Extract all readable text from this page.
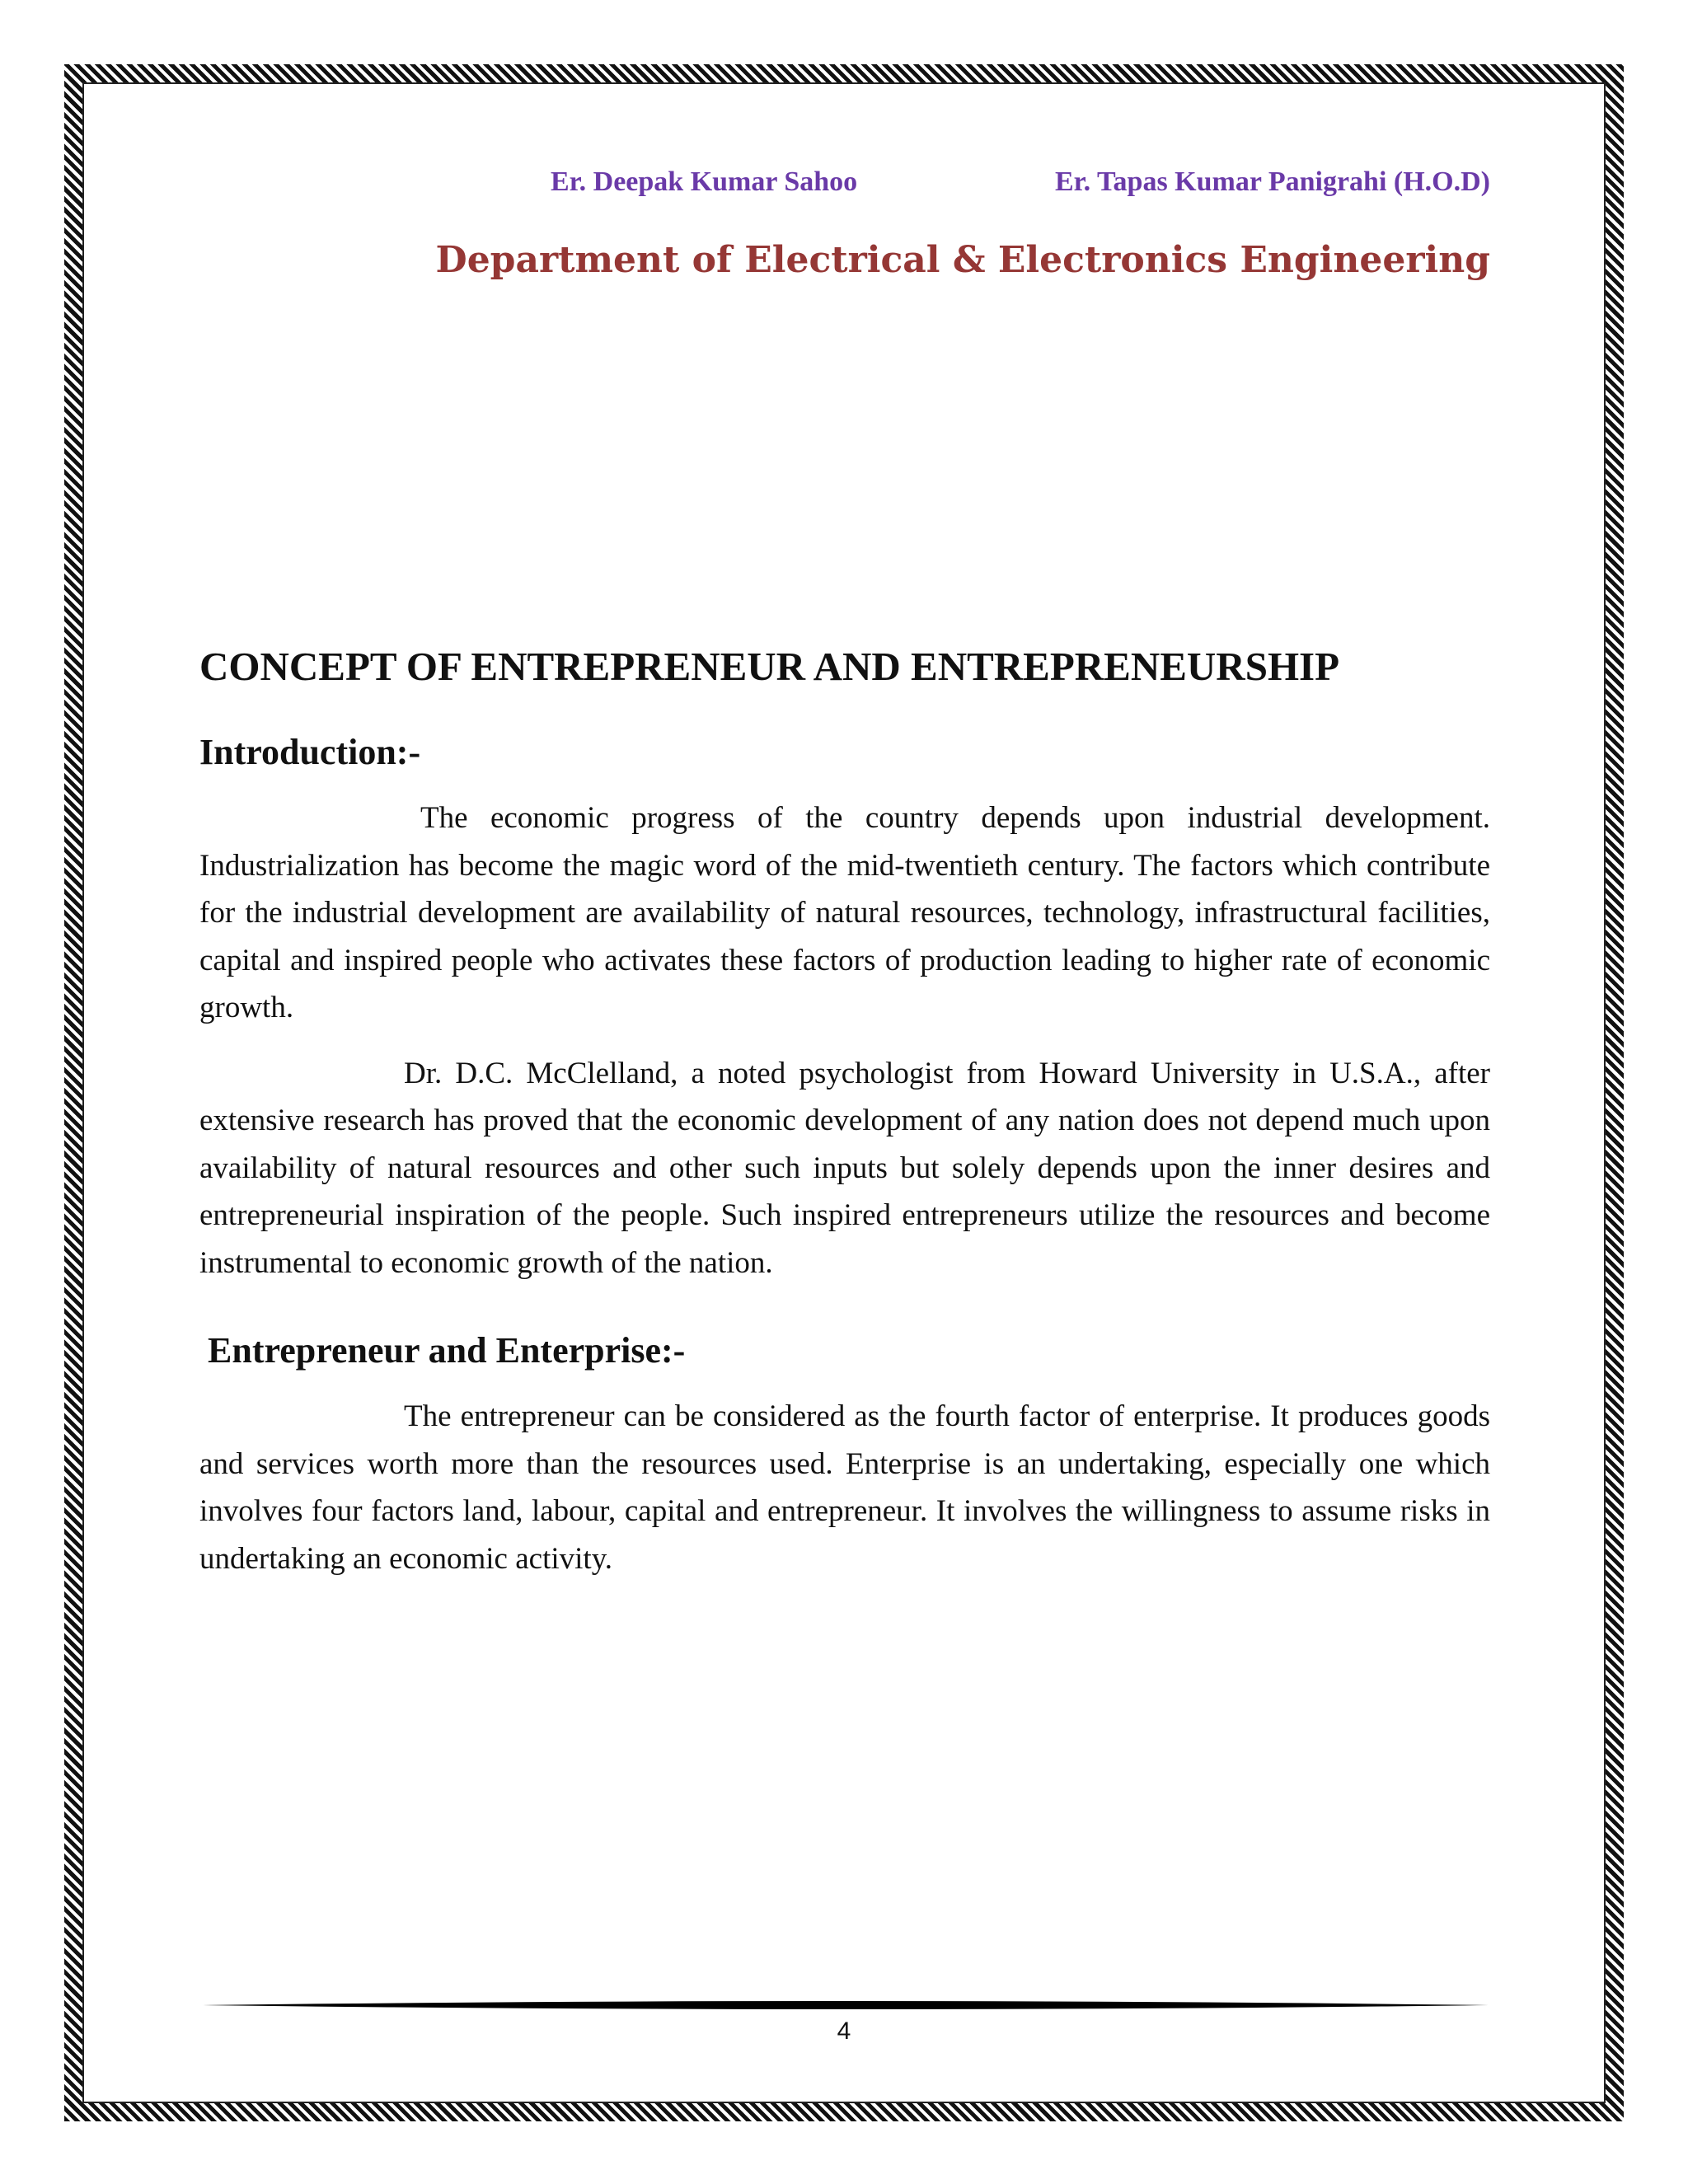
Er. Deepak Kumar Sahoo	Er. Tapas Kumar Panigrahi (H.O.D)
Department of Electrical & Electronics Engineering
CONCEPT OF ENTREPRENEUR AND ENTREPRENEURSHIP
Introduction:-

The economic progress of the country depends upon industrial development. Industrialization has become the magic word of the mid-twentieth century. The factors which contribute for the industrial development are availability of natural resources, technology, infrastructural facilities, capital and inspired people who activates these factors of production leading to higher rate of economic growth.

Dr. D.C. McClelland, a noted psychologist from Howard University in U.S.A., after extensive research has proved that the economic development of any nation does not depend much upon availability of natural resources and other such inputs but solely depends upon the inner desires and entrepreneurial inspiration of the people. Such inspired entrepreneurs utilize the resources and become instrumental to economic growth of the nation.

Entrepreneur and Enterprise:-

The entrepreneur can be considered as the fourth factor of enterprise. It produces goods and services worth more than the resources used. Enterprise is an undertaking, especially one which involves four factors land, labour, capital and entrepreneur. It involves the willingness to assume risks in undertaking an economic activity.

4
